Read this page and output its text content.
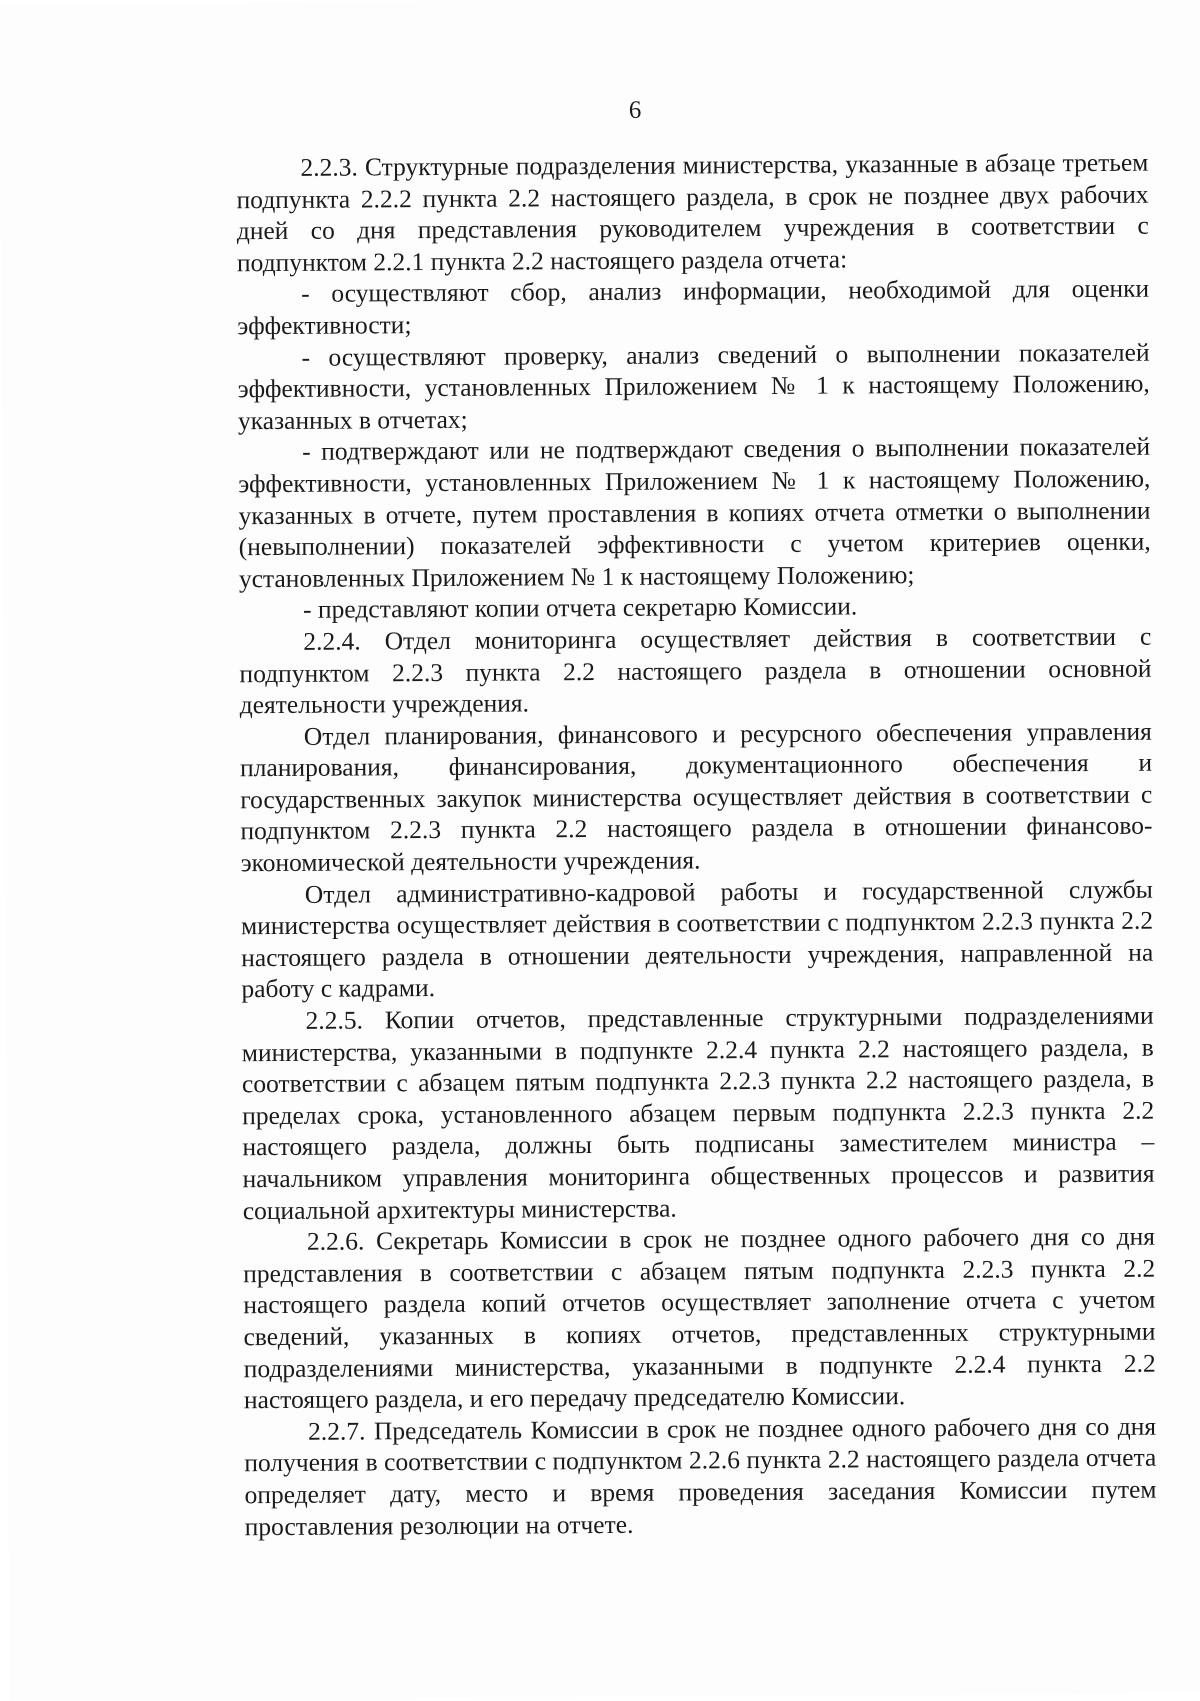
6

2.2.3. Структурные подразделения министерства, указанные в абзаце третьем подпункта 2.2.2 пункта 2.2 настоящего раздела, в срок не позднее двух рабочих дней со дня представления руководителем учреждения в соответствии с подпунктом 2.2.1 пункта 2.2 настоящего раздела отчета:

- осуществляют сбор, анализ информации, необходимой для оценки эффективности;

- осуществляют проверку, анализ сведений о выполнении показателей эффективности, установленных Приложением № 1 к настоящему Положению, указанных в отчетах;

- подтверждают или не подтверждают сведения о выполнении показателей эффективности, установленных Приложением № 1 к настоящему Положению, указанных в отчете, путем проставления в копиях отчета отметки о выполнении (невыполнении) показателей эффективности с учетом критериев оценки, установленных Приложением № 1 к настоящему Положению;

- представляют копии отчета секретарю Комиссии.

2.2.4. Отдел мониторинга осуществляет действия в соответствии с подпунктом 2.2.3 пункта 2.2 настоящего раздела в отношении основной деятельности учреждения.

Отдел планирования, финансового и ресурсного обеспечения управления планирования, финансирования, документационного обеспечения и государственных закупок министерства осуществляет действия в соответствии с подпунктом 2.2.3 пункта 2.2 настоящего раздела в отношении финансово-экономической деятельности учреждения.

Отдел административно-кадровой работы и государственной службы министерства осуществляет действия в соответствии с подпунктом 2.2.3 пункта 2.2 настоящего раздела в отношении деятельности учреждения, направленной на работу с кадрами.

2.2.5. Копии отчетов, представленные структурными подразделениями министерства, указанными в подпункте 2.2.4 пункта 2.2 настоящего раздела, в соответствии с абзацем пятым подпункта 2.2.3 пункта 2.2 настоящего раздела, в пределах срока, установленного абзацем первым подпункта 2.2.3 пункта 2.2 настоящего раздела, должны быть подписаны заместителем министра – начальником управления мониторинга общественных процессов и развития социальной архитектуры министерства.

2.2.6. Секретарь Комиссии в срок не позднее одного рабочего дня со дня представления в соответствии с абзацем пятым подпункта 2.2.3 пункта 2.2 настоящего раздела копий отчетов осуществляет заполнение отчета с учетом сведений, указанных в копиях отчетов, представленных структурными подразделениями министерства, указанными в подпункте 2.2.4 пункта 2.2 настоящего раздела, и его передачу председателю Комиссии.

2.2.7. Председатель Комиссии в срок не позднее одного рабочего дня со дня получения в соответствии с подпунктом 2.2.6 пункта 2.2 настоящего раздела отчета определяет дату, место и время проведения заседания Комиссии путем проставления резолюции на отчете.
